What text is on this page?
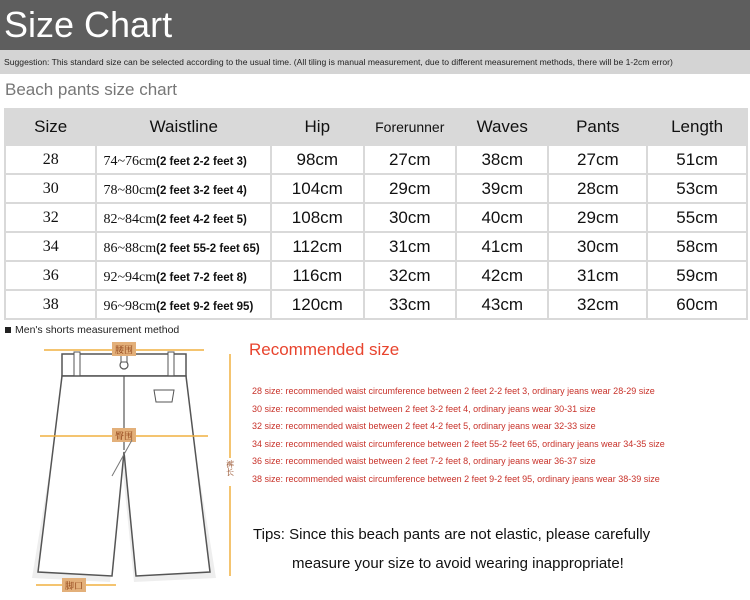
Size Chart
Suggestion: This standard size can be selected according to the usual time. (All tiling is manual measurement, due to different measurement methods, there will be 1-2cm error)
Beach pants size chart
Size	Waistline	Hip	Forerunner	Waves	Pants	Length
28	74~76cm(2 feet 2-2 feet 3)	98cm	27cm	38cm	27cm	51cm
30	78~80cm(2 feet 3-2 feet 4)	104cm	29cm	39cm	28cm	53cm
32	82~84cm(2 feet 4-2 feet 5)	108cm	30cm	40cm	29cm	55cm
34	86~88cm(2 feet 55-2 feet 65)	112cm	31cm	41cm	30cm	58cm
36	92~94cm(2 feet 7-2 feet 8)	116cm	32cm	42cm	31cm	59cm
38	96~98cm(2 feet 9-2 feet 95)	120cm	33cm	43cm	32cm	60cm
Men's shorts measurement method
腰围
臀围
裤长
脚口
Recommended size
28 size: recommended waist circumference between 2 feet 2-2 feet 3, ordinary jeans wear 28-29 size
30 size: recommended waist between 2 feet 3-2 feet 4, ordinary jeans wear 30-31 size
32 size: recommended waist between 2 feet 4-2 feet 5, ordinary jeans wear 32-33 size
34 size: recommended waist circumference between 2 feet 55-2 feet 65, ordinary jeans wear 34-35 size
36 size: recommended waist between 2 feet 7-2 feet 8, ordinary jeans wear 36-37 size
38 size: recommended waist circumference between 2 feet 9-2 feet 95, ordinary jeans wear 38-39 size
Tips: Since this beach pants are not elastic, please carefully
measure your size to avoid wearing inappropriate!
